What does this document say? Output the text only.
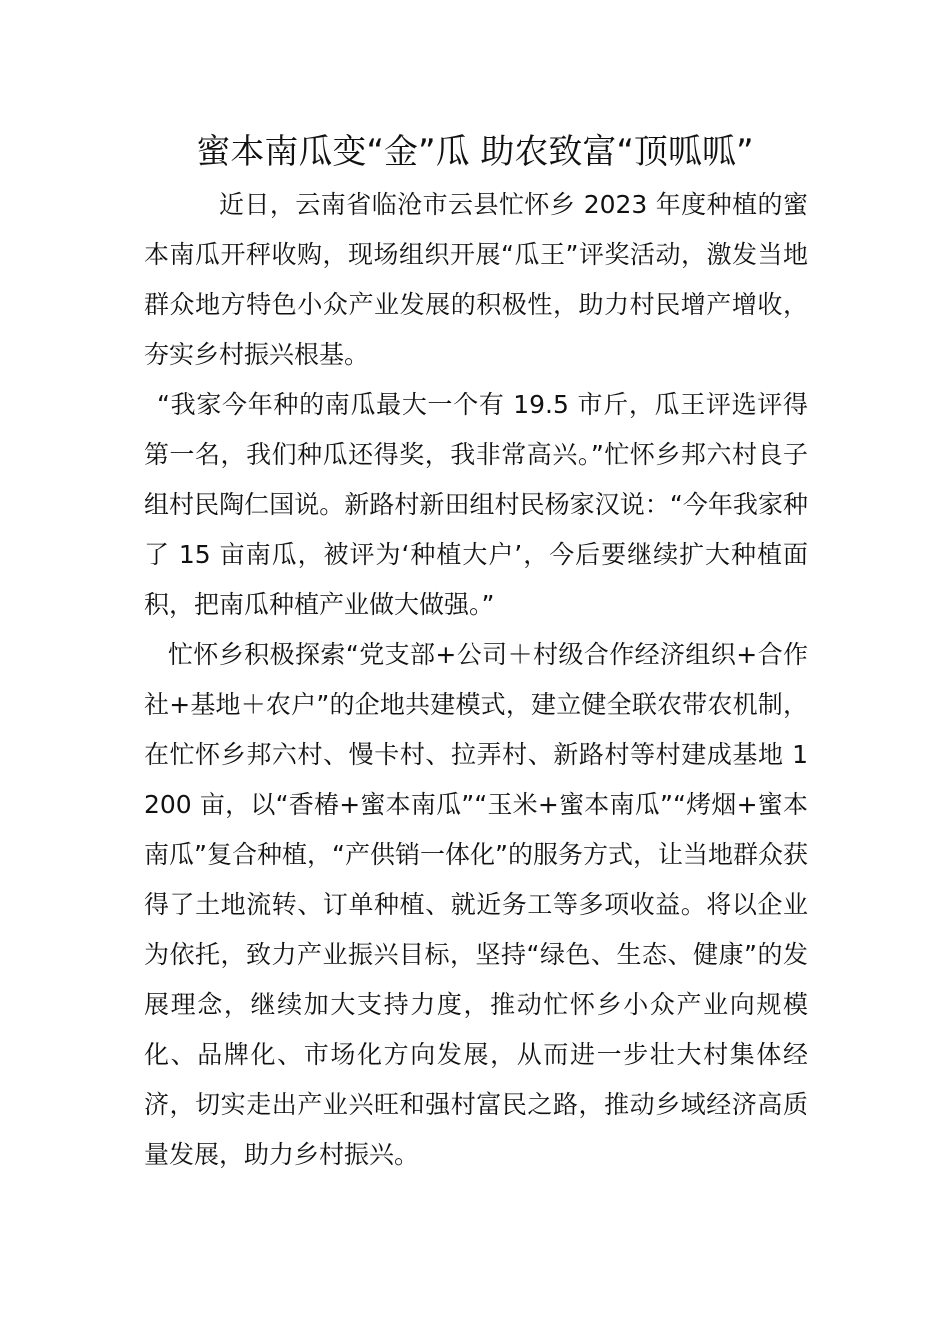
蜜本南瓜变“金”瓜 助农致富“顶呱呱”

近日，云南省临沧市云县忙怀乡 2023 年度种植的蜜本南瓜开秤收购，现场组织开展“瓜王”评奖活动，激发当地群众地方特色小众产业发展的积极性，助力村民增产增收，夯实乡村振兴根基。

“我家今年种的南瓜最大一个有 19.5 市斤，瓜王评选评得第一名，我们种瓜还得奖，我非常高兴。”忙怀乡邦六村良子组村民陶仁国说。新路村新田组村民杨家汉说：“今年我家种了 15 亩南瓜，被评为‘种植大户’，今后要继续扩大种植面积，把南瓜种植产业做大做强。”

忙怀乡积极探索“党支部+公司＋村级合作经济组织+合作社+基地＋农户”的企地共建模式，建立健全联农带农机制，在忙怀乡邦六村、慢卡村、拉弄村、新路村等村建成基地 1200 亩，以“香椿+蜜本南瓜”“玉米+蜜本南瓜”“烤烟+蜜本南瓜”复合种植，“产供销一体化”的服务方式，让当地群众获得了土地流转、订单种植、就近务工等多项收益。将以企业为依托，致力产业振兴目标，坚持“绿色、生态、健康”的发展理念，继续加大支持力度，推动忙怀乡小众产业向规模化、品牌化、市场化方向发展，从而进一步壮大村集体经济，切实走出产业兴旺和强村富民之路，推动乡域经济高质量发展，助力乡村振兴。
